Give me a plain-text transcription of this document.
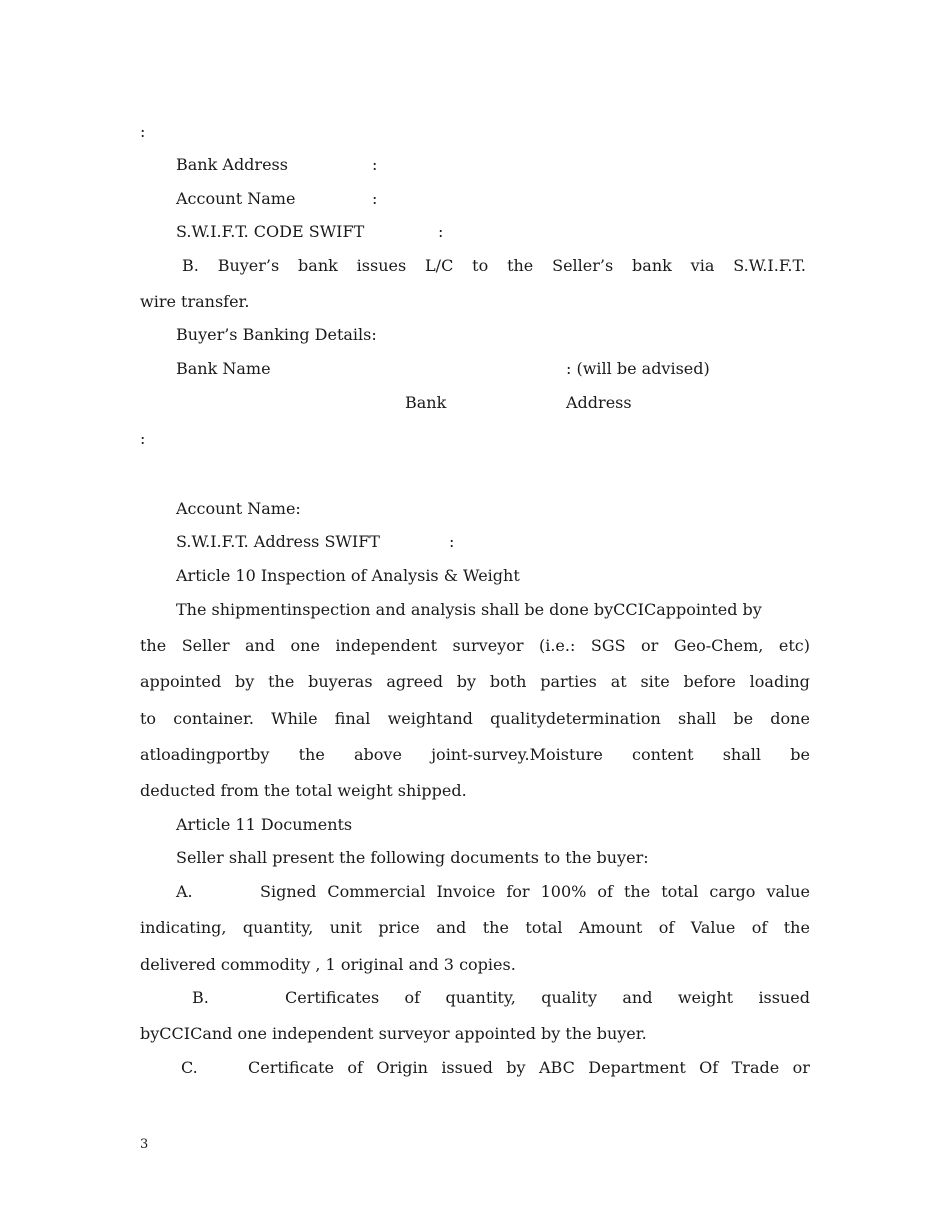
:
Bank Address	:
Account Name	:
S.W.I.F.T. CODE SWIFT	:
B. Buyer’s bank issues L/C to the Seller’s bank via S.W.I.F.T.
wire transfer.
Buyer’s Banking Details:
Bank Name	: (will be advised)
Bank	Address
:
Account Name:
S.W.I.F.T. Address SWIFT	:
Article 10 Inspection of Analysis & Weight
The shipmentinspection and analysis shall be done byCCICappointed by
the Seller and one independent surveyor (i.e.: SGS or Geo-Chem, etc)
appointed by the buyeras agreed by both parties at site before loading
to container. While final weightand qualitydetermination shall be done
atloadingportby the above joint-survey.Moisture content shall be
deducted from the total weight shipped.
Article 11 Documents
Seller shall present the following documents to the buyer:
A.	Signed Commercial Invoice for 100% of the total cargo value
indicating, quantity, unit price and the total Amount of Value of the
delivered commodity , 1 original and 3 copies.
B.	Certificates of quantity, quality and weight issued
byCCICand one independent surveyor appointed by the buyer.
C.	Certificate of Origin issued by ABC Department Of Trade or
3
